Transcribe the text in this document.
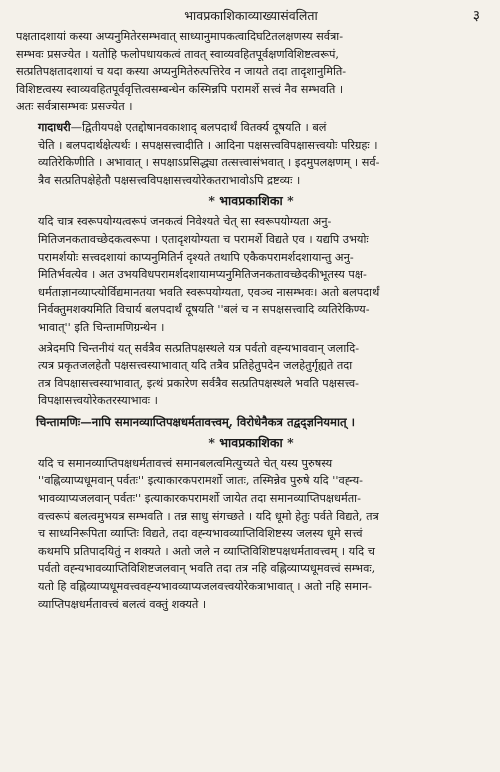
भावप्रकाशिकाव्याख्यासंवलिता	३
पक्षतादशायां कस्या अप्यनुमितेरसम्भवात् साध्यानुमापकत्वादिघटितलक्षणस्य सर्वत्रा-
सम्भवः प्रसज्येत । यतोहि फलोपधायकत्वं तावत् स्वाव्यवहितपूर्वक्षणविशिष्टत्वरूपं,
सत्प्रतिपक्षतादशायां च यदा कस्या अप्यनुमितेरुत्पत्तिरेव न जायते तदा तादृशानुमिति-
विशिष्टत्वस्य स्वाव्यवहितपूर्ववृत्तित्वसम्बन्धेन कस्मिन्नपि परामर्शे सत्त्वं नैव सम्भवति ।
अतः सर्वत्रासम्भवः प्रसज्येत ।
गादाधरी—द्वितीयपक्षे एतद्दोषानवकाशाद् बलपदार्थं वितर्क्य दूषयति । बलं
चेति । बलपदार्थक्षेत्यर्थः । सपक्षसत्त्वादीति । आदिना पक्षसत्त्वविपक्षासत्त्वयोः परिग्रहः ।
व्यतिरेकिणीति । अभावात् । सपक्षाऽप्रसिद्ध्या तत्सत्त्वासंभवात् । इदमुपलक्षणम् । सर्व-
त्रैव सत्प्रतिपक्षेहेतौ पक्षसत्त्वविपक्षासत्त्वयोरेकतराभावोऽपि द्रष्टव्यः ।
* भावप्रकाशिका *
यदि चात्र स्वरूपयोग्यत्वरूपं जनकत्वं निवेश्यते चेत् सा स्वरूपयोग्यता अनु-
मितिजनकतावच्छेदकत्वरूपा । एतादृशयोग्यता च परामर्शे विद्यते एव । यद्यपि उभयोः
परामर्शयोः सत्त्वदशायां काप्यनुमितिर्न दृश्यते तथापि एकैकपरामर्शदशायान्तु अनु-
मितिर्भवत्येव । अत उभयविधपरामर्शदशायामप्यनुमितिजनकतावच्छेदकीभूतस्य पक्ष-
धर्मताज्ञानव्याप्त्योर्विद्यमानतया भवति स्वरूपयोग्यता, एवञ्च नासम्भवः। अतो बलपदार्थं
निर्वक्तुमशक्यमिति विचार्य बलपदार्थं दूषयति ''बलं च न सपक्षसत्त्वादि व्यतिरेकिण्य-
भावात्'' इति चिन्तामणिग्रन्थेन ।
अत्रेदमपि चिन्तनीयं यत् सर्वत्रैव सत्प्रतिपक्षस्थले यत्र पर्वतो वह्न्यभाववान् जलादि-
त्यत्र प्रकृतजलहेतौ पक्षसत्त्वस्याभावात् यदि तत्रैव प्रतिहेतुपदेन जलहेतुर्गृह्यते तदा
तत्र विपक्षासत्त्वस्याभावात्, इत्थं प्रकारेण सर्वत्रैव सत्प्रतिपक्षस्थले भवति पक्षसत्त्व-
विपक्षासत्त्वयोरेकतरस्याभावः ।
चिन्तामणिः—नापि समानव्याप्तिपक्षधर्मतावत्त्वम्, विरोधेनैकत्र तद्वद्ज्ञनियमात् ।
* भावप्रकाशिका *
यदि च समानव्याप्तिपक्षधर्मतावत्त्वं समानबलत्वमित्युच्यते चेत् यस्य पुरुषस्य
''वह्निव्याप्यधूमवान् पर्वतः'' इत्याकारकपरामर्शो जातः, तस्मिन्नेव पुरुषे यदि ''वह्न्य-
भावव्याप्यजलवान् पर्वतः'' इत्याकारकपरामर्शो जायेत तदा समानव्याप्तिपक्षधर्मता-
वत्त्वरूपं बलत्वमुभयत्र सम्भवति । तन्न साधु संगच्छते । यदि धूमो हेतुः पर्वते विद्यते, तत्र
च साध्यनिरूपिता व्याप्तिः विद्यते, तदा वह्न्यभावव्याप्तिविशिष्टस्य जलस्य धूमे सत्त्वं
कथमपि प्रतिपादयितुं न शक्यते । अतो जले न व्याप्तिविशिष्टपक्षधर्मतावत्त्वम् । यदि च
पर्वतो वह्न्यभावव्याप्तिविशिष्टजलवान् भवति तदा तत्र नहि वह्निव्याप्यधूमवत्त्वं सम्भवः,
यतो हि वह्निव्याप्यधूमवत्त्ववह्न्यभावव्याप्यजलवत्त्वयोरेकत्राभावात् । अतो नहि समान-
व्याप्तिपक्षधर्मतावत्त्वं बलत्वं वक्तुं शक्यते ।
